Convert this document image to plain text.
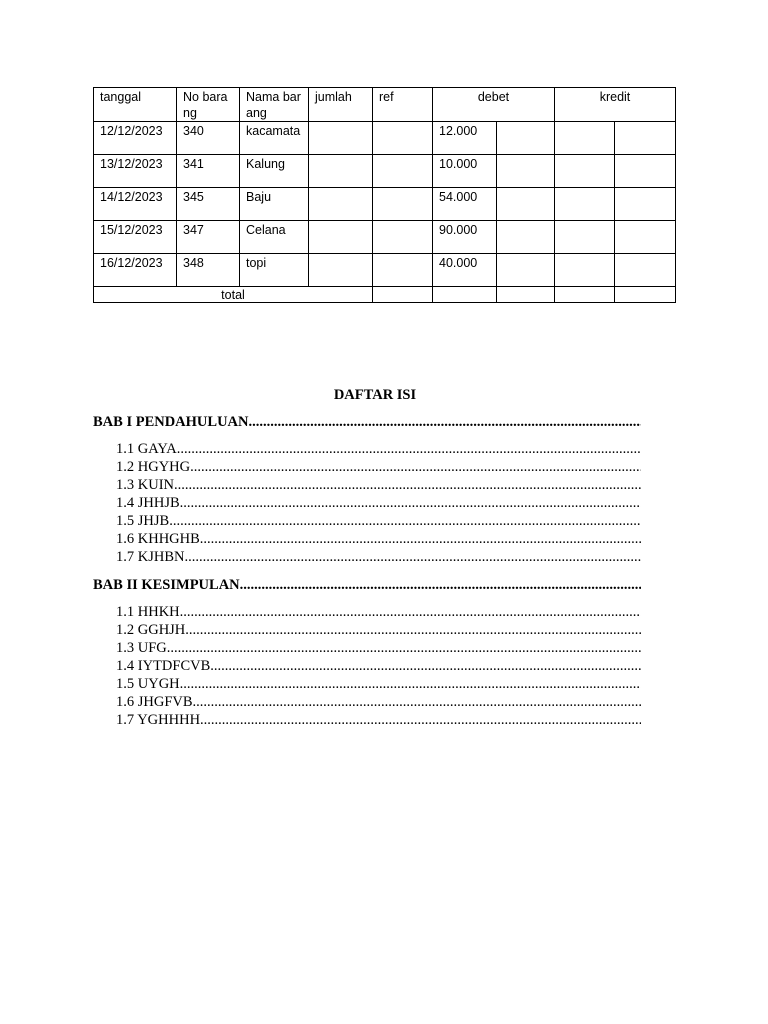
tanggal	No barang	Nama barang	jumlah	ref	debet		kredit	
12/12/2023	340	kacamata			12.000			
13/12/2023	341	Kalung			10.000			
14/12/2023	345	Baju			54.000			
15/12/2023	347	Celana			90.000			
16/12/2023	348	topi			40.000			
total								
DAFTAR ISI
BAB I PENDAHULUAN
.....
1.1 GAYA
.....
1.2 HGYHG
.....
1.3 KUIN
.....
1.4 JHHJB
.....
1.5 JHJB
.....
1.6 KHHGHB
.....
1.7 KJHBN
.....
BAB II KESIMPULAN
.....
1.1 HHKH
.....
1.2 GGHJH
.....
1.3 UFG
.....
1.4 IYTDFCVB
.....
1.5 UYGH
.....
1.6 JHGFVB
.....
1.7 YGHHHH
.....
